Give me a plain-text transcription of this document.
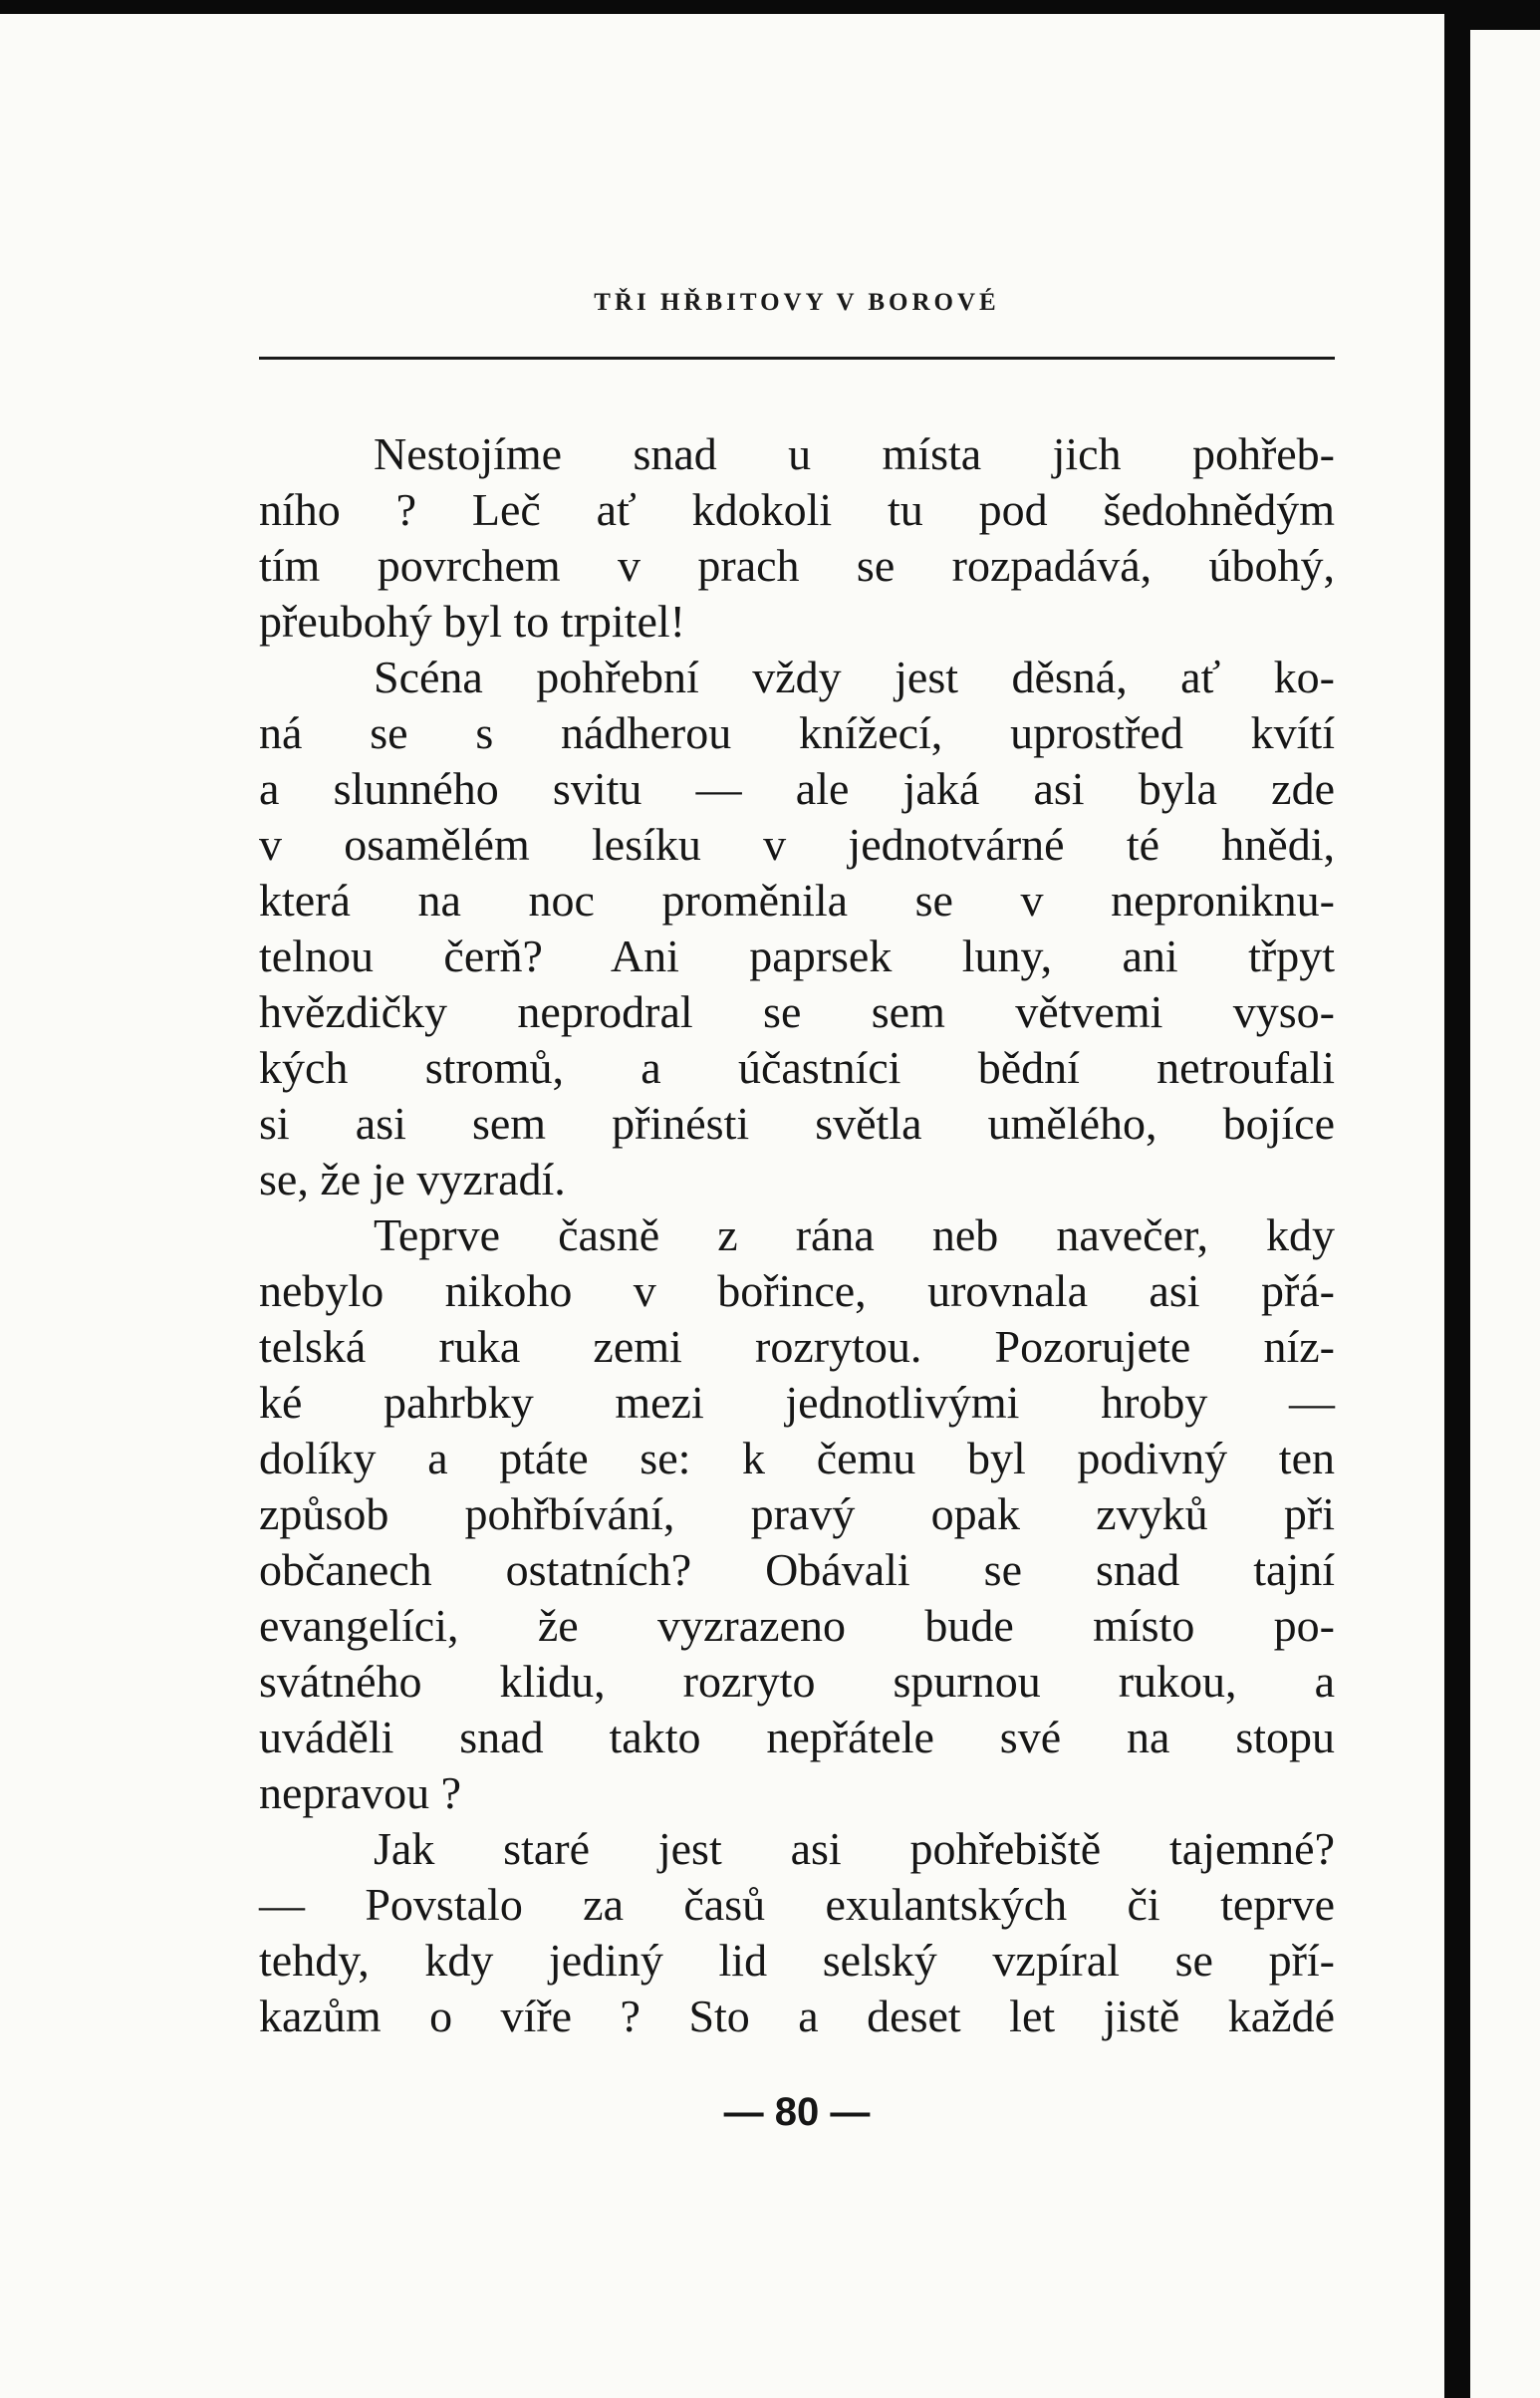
TŘI HŘBITOVY V BOROVÉ
Nestojíme snad u místa jich pohřeb-
ního ? Leč ať kdokoli tu pod šedohnědým
tím povrchem v prach se rozpadává, úbohý,
přeubohý byl to trpitel!
Scéna pohřební vždy jest děsná, ať ko-
ná se s nádherou knížecí, uprostřed kvítí
a slunného svitu — ale jaká asi byla zde
v osamělém lesíku v jednotvárné té hnědi,
která na noc proměnila se v neproniknu-
telnou čerň? Ani paprsek luny, ani třpyt
hvězdičky neprodral se sem větvemi vyso-
kých stromů, a účastníci bědní netroufali
si asi sem přinésti světla umělého, bojíce
se, že je vyzradí.
Teprve časně z rána neb navečer, kdy
nebylo nikoho v bořince, urovnala asi přá-
telská ruka zemi rozrytou. Pozorujete níz-
ké pahrbky mezi jednotlivými hroby —
dolíky a ptáte se: k čemu byl podivný ten
způsob pohřbívání, pravý opak zvyků při
občanech ostatních? Obávali se snad tajní
evangelíci, že vyzrazeno bude místo po-
svátného klidu, rozryto spurnou rukou, a
uváděli snad takto nepřátele své na stopu
nepravou ?
Jak staré jest asi pohřebiště tajemné?
— Povstalo za časů exulantských či teprve
tehdy, kdy jediný lid selský vzpíral se pří-
kazům o víře ? Sto a deset let jistě každé
— 80 —
